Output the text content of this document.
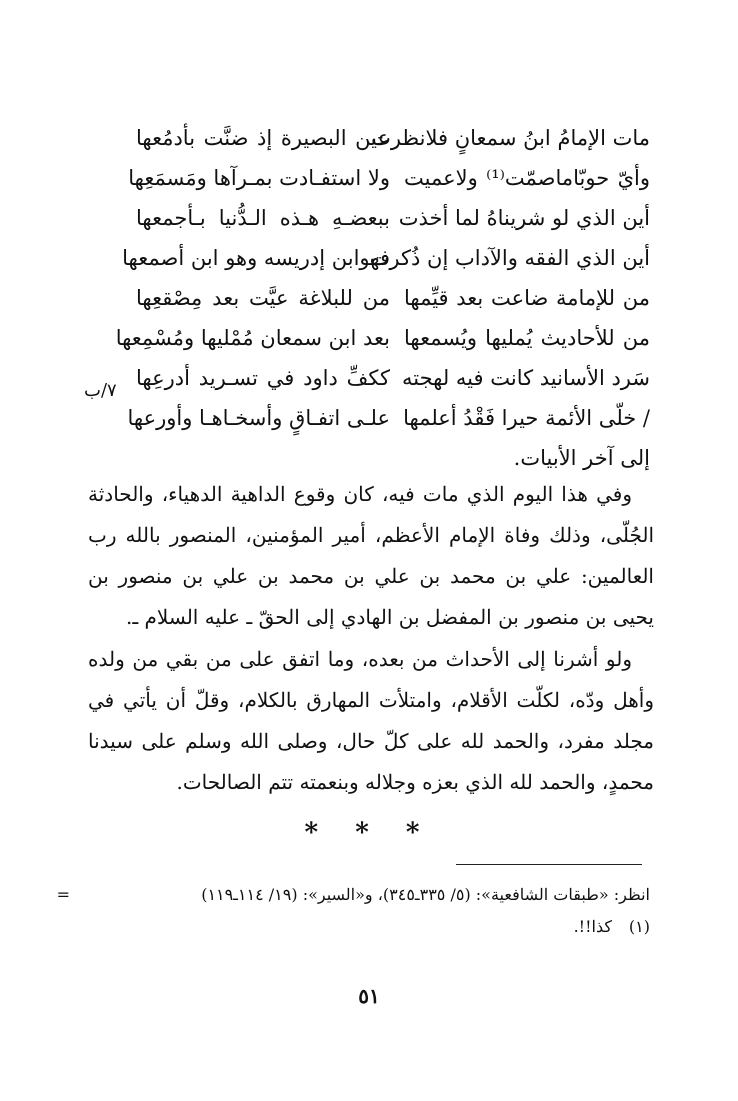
مات الإمامُ ابنُ سمعانٍ فلانظرت
وأيّ حوبّاماصمّت⁽¹⁾ ولاعميت
أين الذي لو شريناهُ لما أخذت
أين الذي الفقه والآداب إن ذُكرت
من للإمامة ضاعت بعد قيِّمها
من للأحاديث يُمليها ويُسمعها
سَرد الأسانيد كانت فيه لهجته
/ خلّى الأئمة حيرا فَقْدُ أعلمها
عين البصيرة إذ ضنَّت بأدمُعها
ولا استفـادت بمـرآها ومَسمَعِها
ببعضـهِ هـذه الـدُّنيا بـأجمعها
فهوابن إدريسه وهو ابن أصمعها
من للبلاغة عيَّت بعد مِصْقعِها
بعد ابن سمعان مُمْليها ومُسْمِعها
ككفِّ داود في تسـريد أدرعِها
علـى اتفـاقٍ وأسخـاهـا وأورعها
٧/ب
إلى آخر الأبيات.
وفي هذا اليوم الذي مات فيه، كان وقوع الداهية الدهياء، والحادثة الجُلّى، وذلك وفاة الإمام الأعظم، أمير المؤمنين، المنصور بالله رب العالمين: علي بن محمد بن علي بن محمد بن علي بن منصور بن يحيى بن منصور بن المفضل بن الهادي إلى الحقّ ـ عليه السلام ـ.
ولو أشرنا إلى الأحداث من بعده، وما اتفق على من بقي من ولده وأهل ودّه، لكلّت الأقلام، وامتلأت المهارق بالكلام، وقلّ أن يأتي في مجلد مفرد، والحمد لله على كلّ حال، وصلى الله وسلم على سيدنا محمدٍ، والحمد لله الذي بعزه وجلاله وبنعمته تتم الصالحات.
* * *
=	انظر: «طبقات الشافعية»: (٥/ ٣٣٥ـ٣٤٥)، و«السير»: (١٩/ ١١٤ـ١١٩)
(١)
كذا!!.
٥١
